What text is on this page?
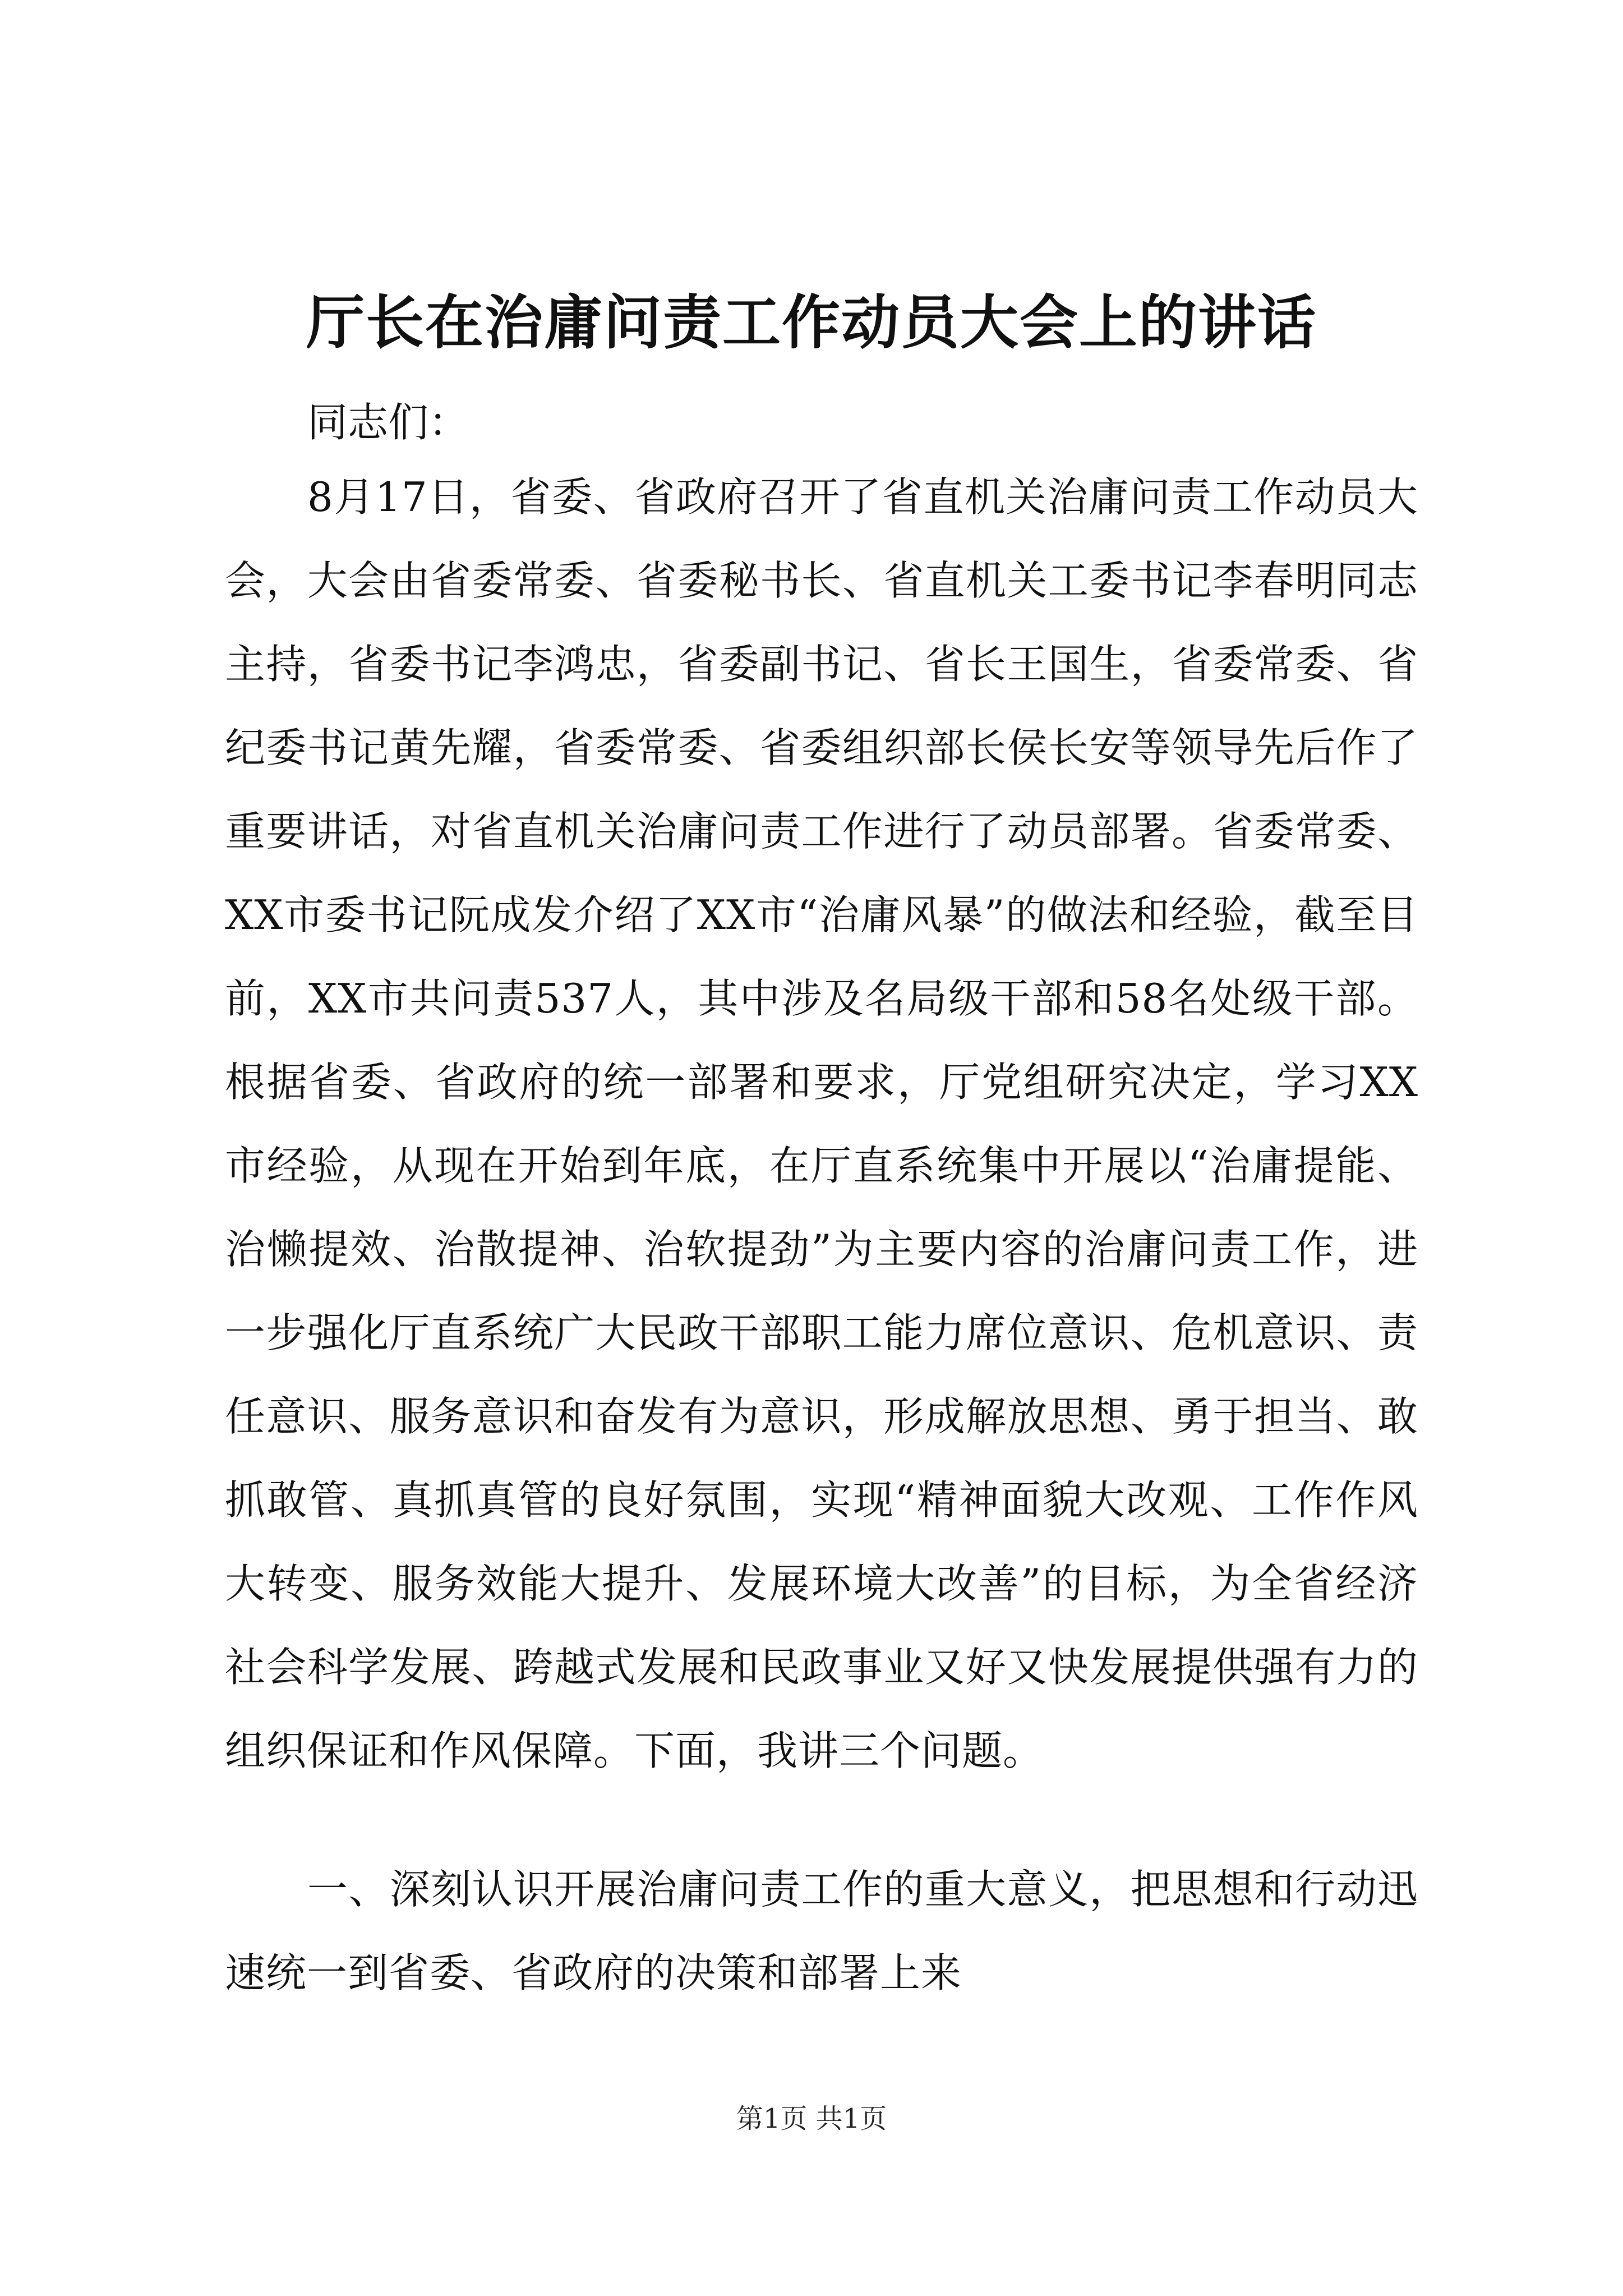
厅长在治庸问责工作动员大会上的讲话
同志们：
8月17日，省委、省政府召开了省直机关治庸问责工作动员大会，大会由省委常委、省委秘书长、省直机关工委书记李春明同志主持，省委书记李鸿忠，省委副书记、省长王国生，省委常委、省纪委书记黄先耀，省委常委、省委组织部长侯长安等领导先后作了重要讲话，对省直机关治庸问责工作进行了动员部署。省委常委、XX市委书记阮成发介绍了XX市“治庸风暴”的做法和经验，截至目前，XX市共问责537人，其中涉及名局级干部和58名处级干部。根据省委、省政府的统一部署和要求，厅党组研究决定，学习XX市经验，从现在开始到年底，在厅直系统集中开展以“治庸提能、治懒提效、治散提神、治软提劲”为主要内容的治庸问责工作，进一步强化厅直系统广大民政干部职工能力席位意识、危机意识、责任意识、服务意识和奋发有为意识，形成解放思想、勇于担当、敢抓敢管、真抓真管的良好氛围，实现“精神面貌大改观、工作作风大转变、服务效能大提升、发展环境大改善”的目标，为全省经济社会科学发展、跨越式发展和民政事业又好又快发展提供强有力的组织保证和作风保障。下面，我讲三个问题。
一、深刻认识开展治庸问责工作的重大意义，把思想和行动迅速统一到省委、省政府的决策和部署上来
第1页 共1页
